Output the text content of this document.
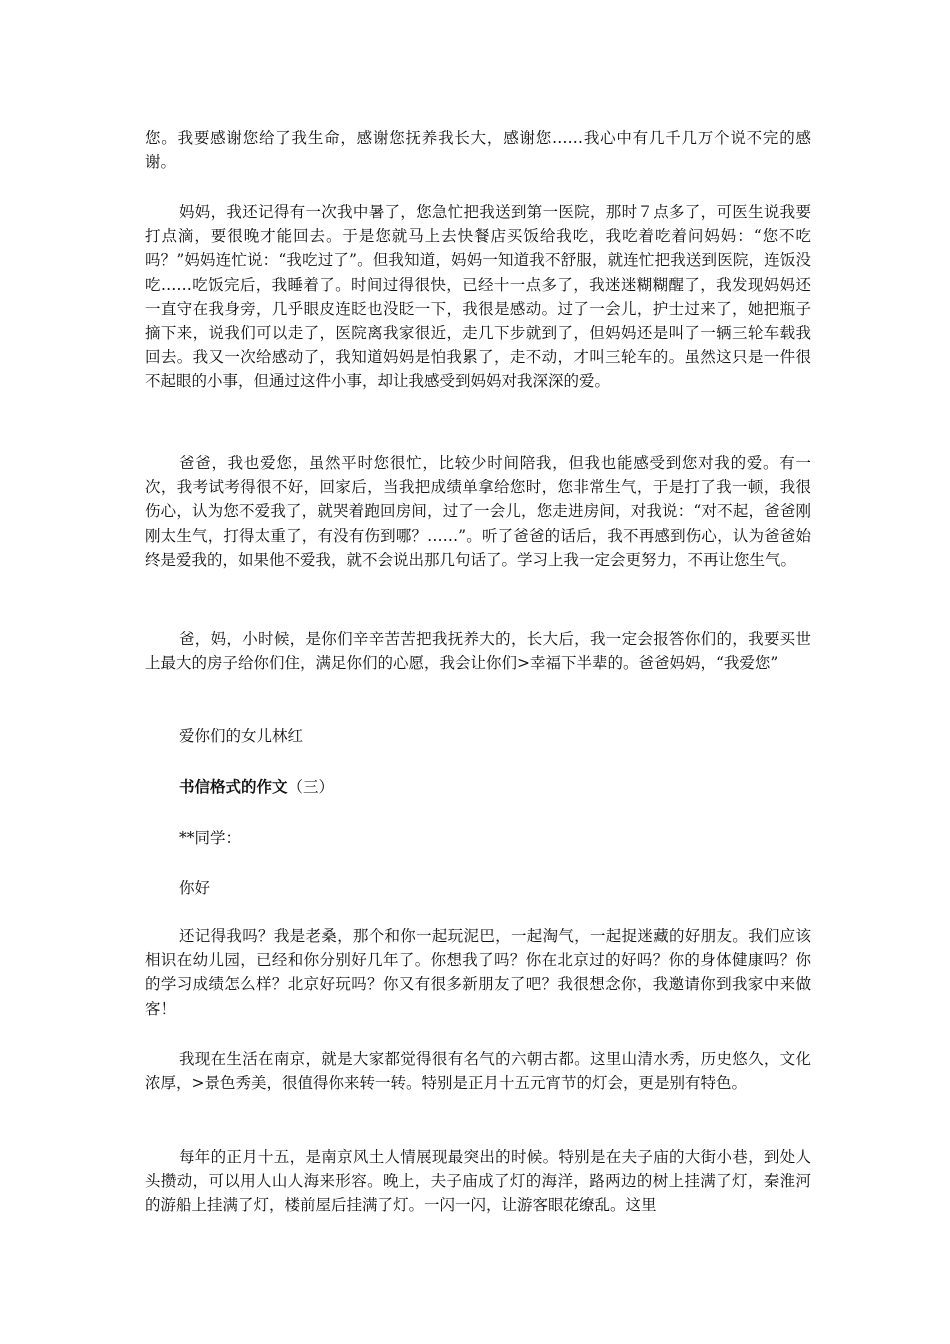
您。我要感谢您给了我生命，感谢您抚养我长大，感谢您……我心中有几千几万个说不完的感谢。
妈妈，我还记得有一次我中暑了，您急忙把我送到第一医院，那时７点多了，可医生说我要打点滴，要很晚才能回去。于是您就马上去快餐店买饭给我吃，我吃着吃着问妈妈：“您不吃吗？”妈妈连忙说：“我吃过了”。但我知道，妈妈一知道我不舒服，就连忙把我送到医院，连饭没吃……吃饭完后，我睡着了。时间过得很快，已经十一点多了，我迷迷糊糊醒了，我发现妈妈还一直守在我身旁，几乎眼皮连眨也没眨一下，我很是感动。过了一会儿，护士过来了，她把瓶子摘下来，说我们可以走了，医院离我家很近，走几下步就到了，但妈妈还是叫了一辆三轮车载我回去。我又一次给感动了，我知道妈妈是怕我累了，走不动，才叫三轮车的。虽然这只是一件很不起眼的小事，但通过这件小事，却让我感受到妈妈对我深深的爱。
爸爸，我也爱您，虽然平时您很忙，比较少时间陪我，但我也能感受到您对我的爱。有一次，我考试考得很不好，回家后，当我把成绩单拿给您时，您非常生气，于是打了我一顿，我很伤心，认为您不爱我了，就哭着跑回房间，过了一会儿，您走进房间，对我说：“对不起，爸爸刚刚太生气，打得太重了，有没有伤到哪？……”。听了爸爸的话后，我不再感到伤心，认为爸爸始终是爱我的，如果他不爱我，就不会说出那几句话了。学习上我一定会更努力，不再让您生气。
爸，妈，小时候，是你们辛辛苦苦把我抚养大的，长大后，我一定会报答你们的，我要买世上最大的房子给你们住，满足你们的心愿，我会让你们>幸福下半辈的。爸爸妈妈，“我爱您”
爱你们的女儿林红
书信格式的作文（三）
**同学：
你好
还记得我吗？我是老桑，那个和你一起玩泥巴，一起淘气，一起捉迷藏的好朋友。我们应该相识在幼儿园，已经和你分别好几年了。你想我了吗？你在北京过的好吗？你的身体健康吗？你的学习成绩怎么样？北京好玩吗？你又有很多新朋友了吧？我很想念你，我邀请你到我家中来做客！
我现在生活在南京，就是大家都觉得很有名气的六朝古都。这里山清水秀，历史悠久，文化浓厚，>景色秀美，很值得你来转一转。特别是正月十五元宵节的灯会，更是别有特色。
每年的正月十五，是南京风土人情展现最突出的时候。特别是在夫子庙的大街小巷，到处人头攒动，可以用人山人海来形容。晚上，夫子庙成了灯的海洋，路两边的树上挂满了灯，秦淮河的游船上挂满了灯，楼前屋后挂满了灯。一闪一闪，让游客眼花缭乱。这里
